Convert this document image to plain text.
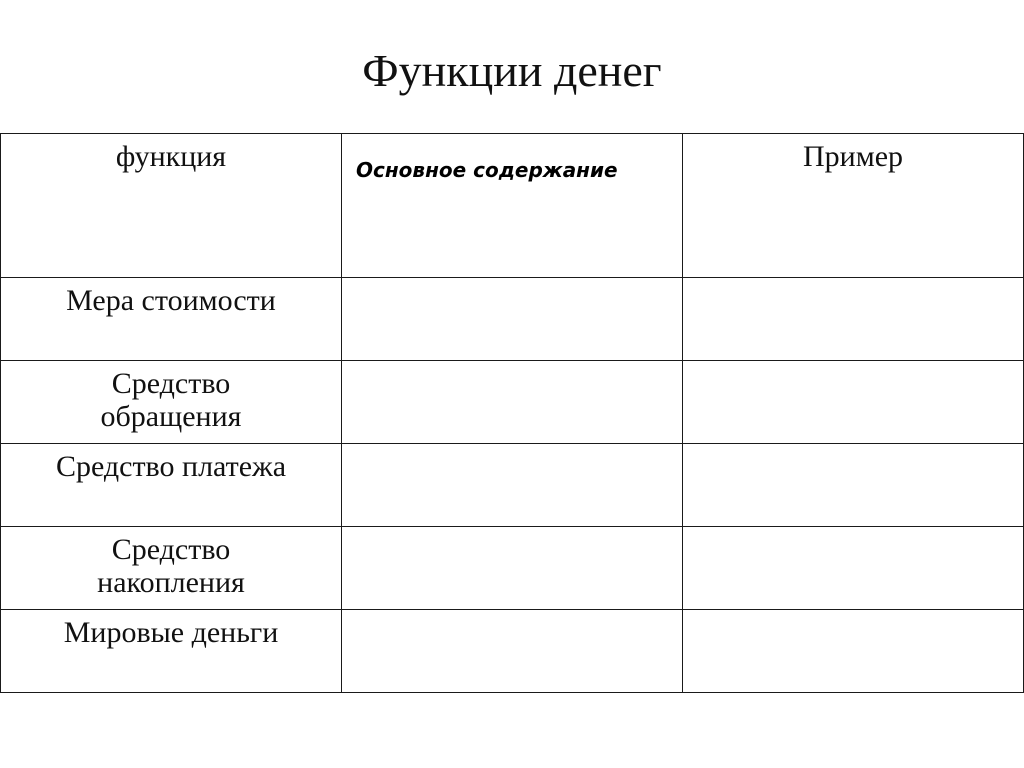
Функции денег
функция	Основное содержание	Пример

Мера стоимости		

Средство обращения		

Средство платежа		

Средство накопления		

Мировые деньги		
